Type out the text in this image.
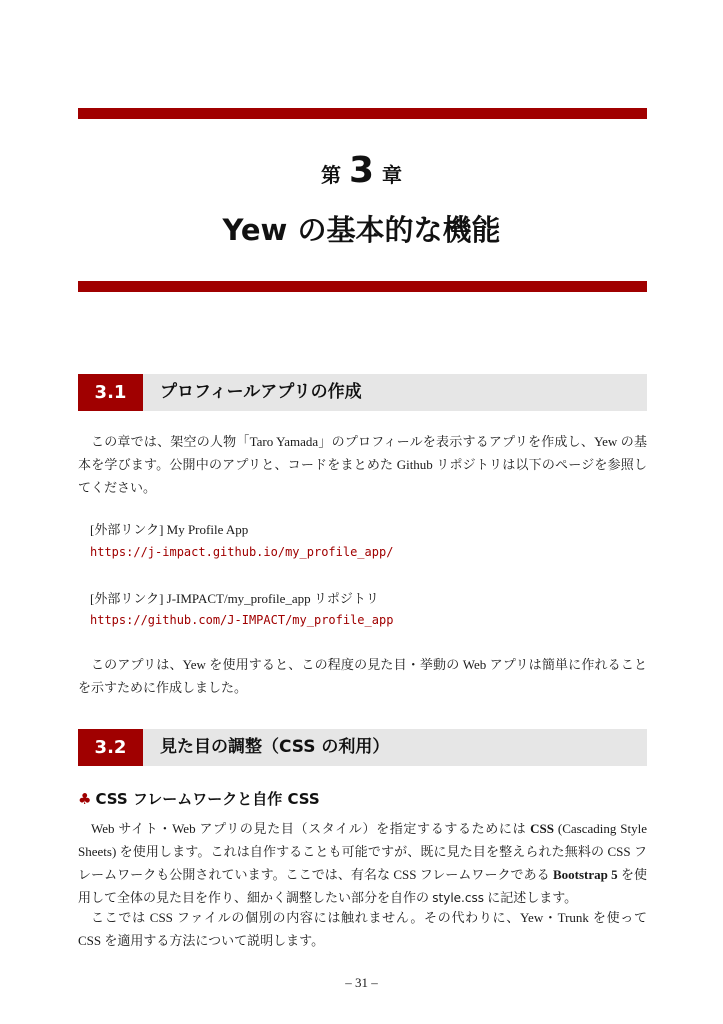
第 3 章
Yew の基本的な機能
3.1	プロフィールアプリの作成
この章では、架空の人物「Taro Yamada」のプロフィールを表示するアプリを作成し、Yew の基本を学びます。公開中のアプリと、コードをまとめた Github リポジトリは以下のページを参照してください。
[外部リンク] My Profile App
https://j-impact.github.io/my_profile_app/
[外部リンク] J-IMPACT/my_profile_app リポジトリ
https://github.com/J-IMPACT/my_profile_app
このアプリは、Yew を使用すると、この程度の見た目・挙動の Web アプリは簡単に作れることを示すために作成しました。
3.2	見た目の調整（CSS の利用）
♣ CSS フレームワークと自作 CSS
Web サイト・Web アプリの見た目（スタイル）を指定するするためには CSS (Cascading Style Sheets) を使用します。これは自作することも可能ですが、既に見た目を整えられた無料の CSS フレームワークも公開されています。ここでは、有名な CSS フレームワークである Bootstrap 5 を使用して全体の見た目を作り、細かく調整したい部分を自作の style.css に記述します。
ここでは CSS ファイルの個別の内容には触れません。その代わりに、Yew・Trunk を使って CSS を適用する方法について説明します。
– 31 –
